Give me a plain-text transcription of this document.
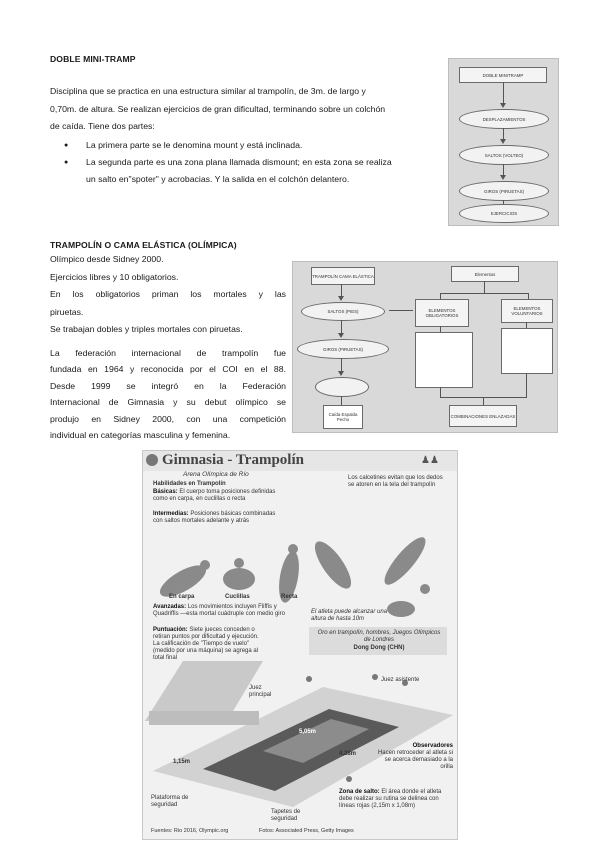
DOBLE MINI-TRAMP
Disciplina que se practica en una estructura similar al trampolín, de 3m. de largo y
0,70m. de altura. Se realizan ejercicios de gran dificultad, terminando sobre un colchón
de caída. Tiene dos partes:
● La primera parte se le denomina mount y está inclinada.
● La segunda parte es una zona plana llamada dismount; en esta zona se realiza
un salto en"spoter" y acrobacias. Y la salida en el colchón delantero.
DOBLE MINITRAMP
DESPLAZAMIENTOS
SALTOS (VOLTEO)
GIROS (PIRUETAS)
EJERCICIOS
TRAMPOLÍN O CAMA ELÁSTICA (OLÍMPICA)
Olímpico desde Sidney 2000.
Ejercicios libres y 10 obligatorios.
En los obligatorios priman los mortales y las
piruetas.
Se trabajan dobles y triples mortales con piruetas.
La federación internacional de trampolín fue
fundada en 1964 y reconocida por el COI en el 88.
Desde 1999 se integró en la Federación
Internacional de Gimnasia y su debut olímpico se
produjo en Sidney 2000, con una competición
individual en categorías masculina y femenina.
TRAMPOLÍN CAMA ELÁSTICA
SALTOS (PIES)
GIROS (PIRUETAS)
Caída Espalda Pecho
Elementos
ELEMENTOS OBLIGATORIOS
ELEMENTOS VOLUNTARIOS
COMBINACIONES ENLAZADAS
Gimnasia - Trampolín	♟♟
Arena Olímpica de Río
Habilidades en Trampolín
Básicas: El cuerpo toma posiciones definidas como en carpa, en cuclillas o recta
Intermedias: Posiciones básicas combinadas con saltos mortales adelante y atrás
Los calcetines evitan que los dedos se atoren en la tela del trampolín
En carpa	Cuclillas	Recta
Avanzadas: Los movimientos incluyen Fliffis y Quadriffis —esta mortal cuádruple con medio giro
Puntuación: Siete jueces conceden o retiran puntos por dificultad y ejecución. La calificación de "Tiempo de vuelo" (medido por una máquina) se agrega al total final
El atleta puede alcanzar una altura de hasta 10m
Oro en trampolín, hombres, Juegos Olímpicos de Londres
Dong Dong (CHN)
Juez asistente
Juez principal
1,15m
5,05m
4,28m
Observadores
Hacen retroceder al atleta si se acerca demasiado a la orilla
Plataforma de seguridad
Tapetes de seguridad
Zona de salto: El área donde el atleta debe realizar su rutina se delinea con líneas rojas (2,15m x 1,08m)
Fuentes: Rio 2016, Olympic.org	Fotos: Associated Press, Getty Images
